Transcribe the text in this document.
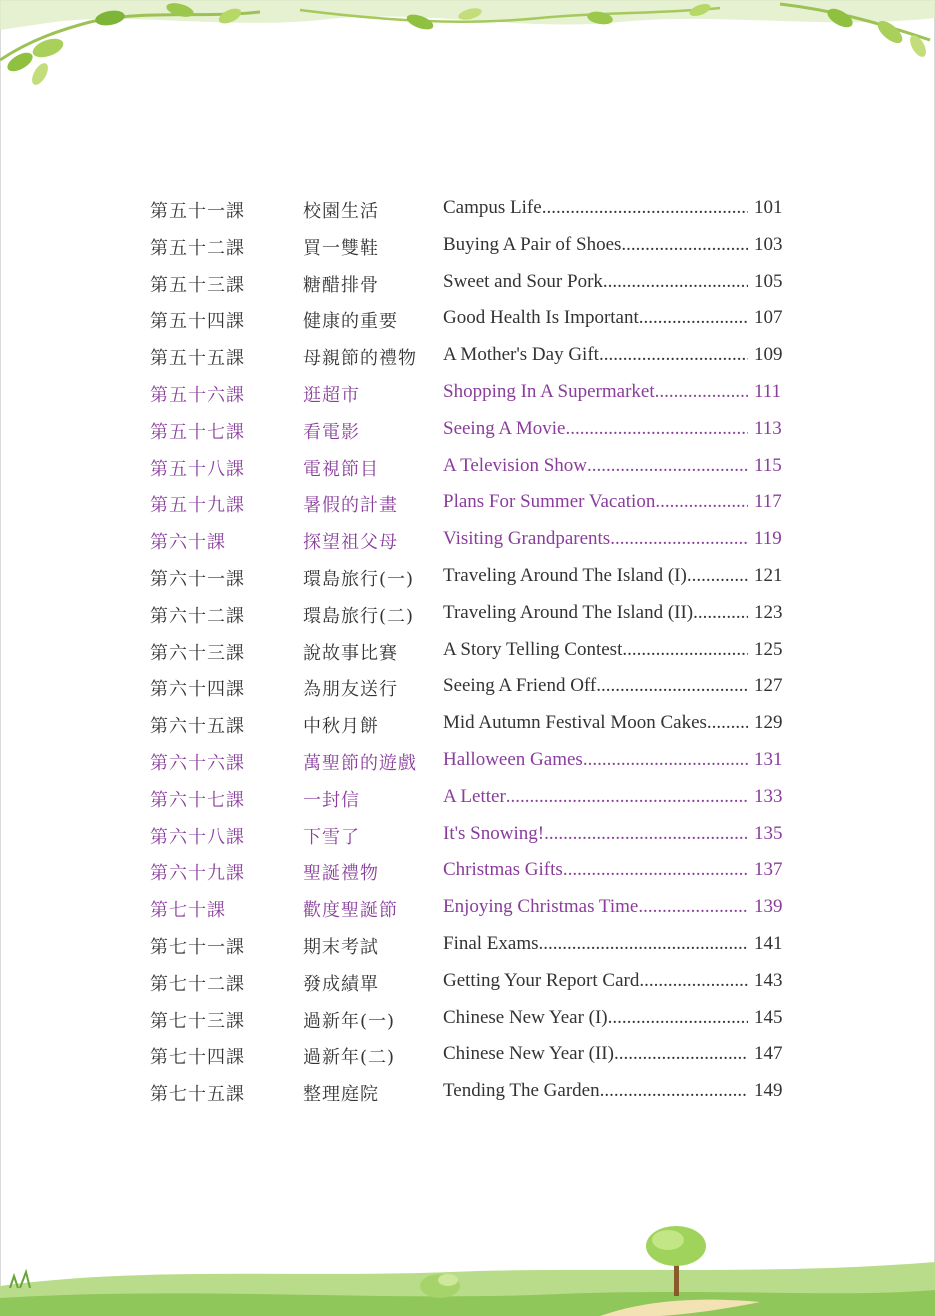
第五十一課	校園生活	Campus Life .....	101
第五十二課	買一雙鞋	Buying A Pair of Shoes .....	103
第五十三課	糖醋排骨	Sweet and Sour Pork .....	105
第五十四課	健康的重要 Good Health Is Important .....	107
第五十五課	母親節的禮物 A Mother's Day Gift .....	109
第五十六課	逛超市	Shopping In A Supermarket .....	111
第五十七課	看電影	Seeing A Movie .....	113
第五十八課	電視節目	A Television Show .....	115
第五十九課	暑假的計畫 Plans For Summer Vacation .....	117
第六十課	探望祖父母 Visiting Grandparents .....	119
第六十一課	環島旅行(一) Traveling Around The Island (I) .....	121
第六十二課	環島旅行(二) Traveling Around The Island (II) .....	123
第六十三課	說故事比賽 A Story Telling Contest .....	125
第六十四課	為朋友送行 Seeing A Friend Off .....	127
第六十五課	中秋月餅	Mid Autumn Festival Moon Cakes ..... 129
第六十六課	萬聖節的遊戲 Halloween Games .....	131
第六十七課	一封信	A Letter .....	133
第六十八課	下雪了	It's Snowing! .....	135
第六十九課	聖誕禮物	Christmas Gifts .....	137
第七十課	歡度聖誕節 Enjoying Christmas Time .....	139
第七十一課	期末考試	Final Exams .....	141
第七十二課	發成績單	Getting Your Report Card .....	143
第七十三課	過新年(一)	Chinese New Year (I) .....	145
第七十四課	過新年(二)	Chinese New Year (II) .....	147
第七十五課	整理庭院	Tending The Garden .....	149
